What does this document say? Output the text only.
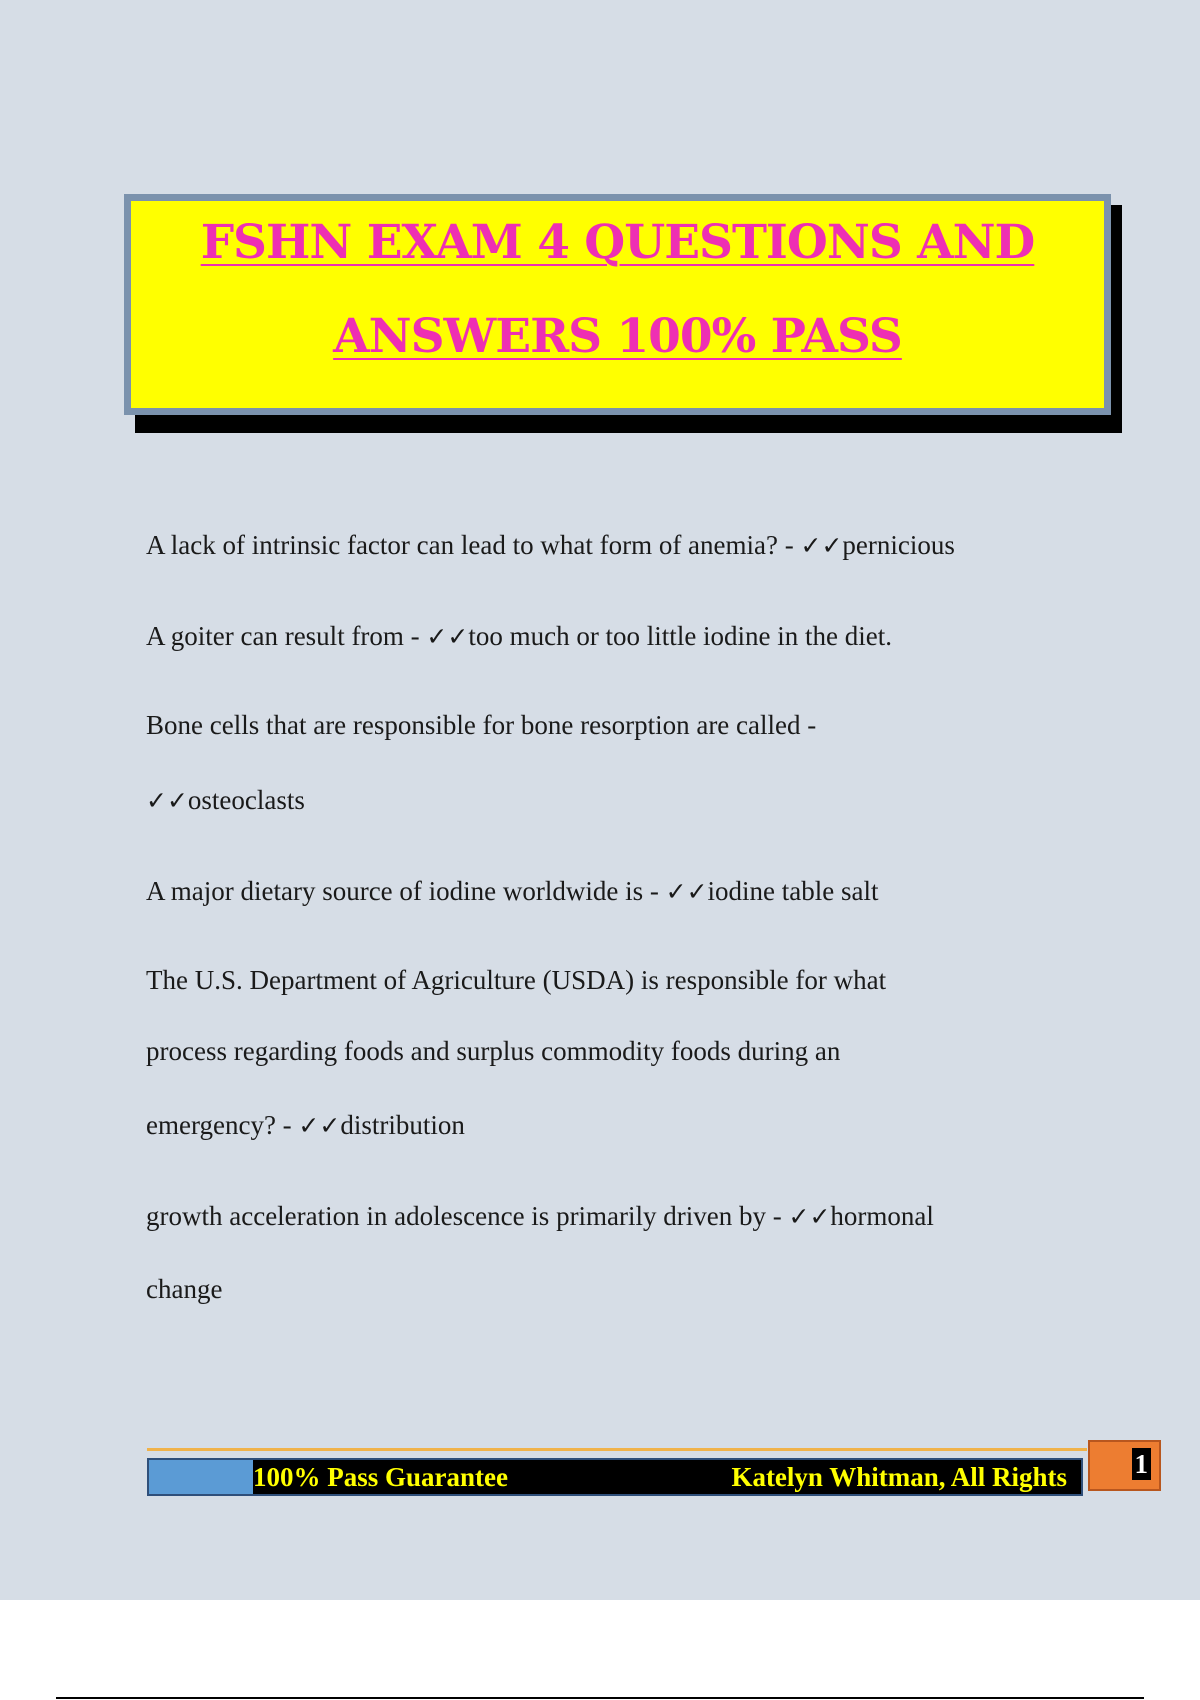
FSHN EXAM 4 QUESTIONS AND
ANSWERS 100% PASS

A lack of intrinsic factor can lead to what form of anemia? - ✓✓pernicious

A goiter can result from - ✓✓too much or too little iodine in the diet.

Bone cells that are responsible for bone resorption are called -

✓✓osteoclasts

A major dietary source of iodine worldwide is - ✓✓iodine table salt

The U.S. Department of Agriculture (USDA) is responsible for what

process regarding foods and surplus commodity foods during an

emergency? - ✓✓distribution

growth acceleration in adolescence is primarily driven by - ✓✓hormonal

change

100% Pass Guarantee	Katelyn Whitman, All Rights	1
